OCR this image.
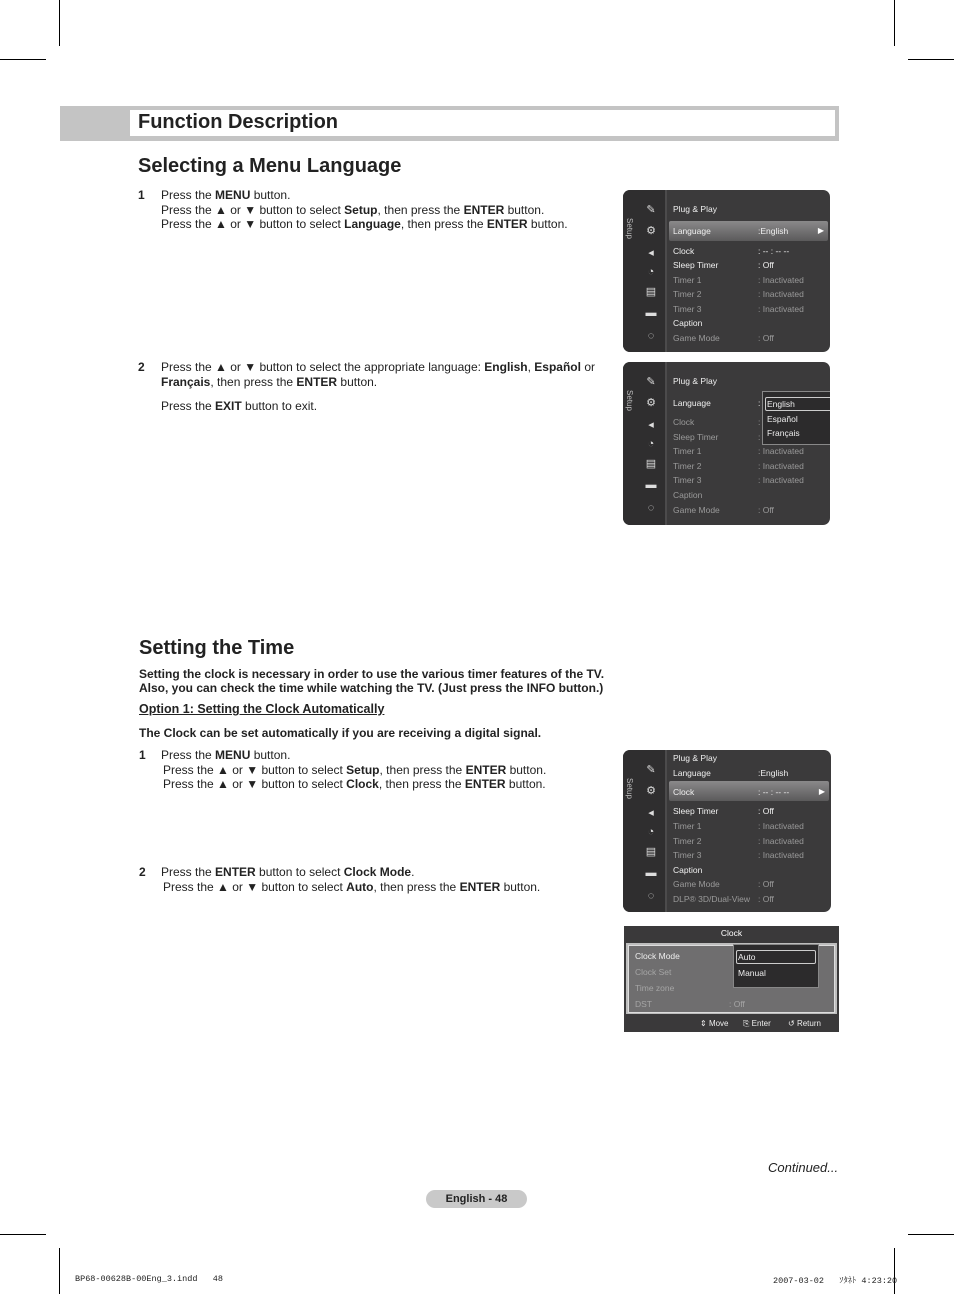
Function Description
Selecting a Menu Language
1 Press the MENU button.
Press the ▲ or ▼ button to select Setup, then press the ENTER button.
Press the ▲ or ▼ button to select Language, then press the ENTER button.
2 Press the ▲ or ▼ button to select the appropriate language: English, Español or
Français, then press the ENTER button.
Press the EXIT button to exit.
Setup
✎
⚙
◂
◔
▤
▬
◌
Plug & Play
Language	:English	▶
Clock	: -- : -- --
Sleep Timer	: Off
Timer 1	: Inactivated
Timer 2	: Inactivated
Timer 3	: Inactivated
Caption
Game Mode	: Off
Setup
✎
⚙
◂
◔
▤
▬
◌
Plug & Play
Language	:
Clock	:
Sleep Timer	:
Timer 1	: Inactivated
Timer 2	: Inactivated
Timer 3	: Inactivated
Caption
Game Mode	: Off
English
Español
Français
Setting the Time
Setting the clock is necessary in order to use the various timer features of the TV.
Also, you can check the time while watching the TV. (Just press the INFO button.)
Option 1: Setting the Clock Automatically
The Clock can be set automatically if you are receiving a digital signal.
1 Press the MENU button.
Press the ▲ or ▼ button to select Setup, then press the ENTER button.
Press the ▲ or ▼ button to select Clock, then press the ENTER button.
2 Press the ENTER button to select Clock Mode.
Press the ▲ or ▼ button to select Auto, then press the ENTER button.
Setup
✎
⚙
◂
◔
▤
▬
◌
Plug & Play
Language	:English
Clock	: -- : -- --	▶
Sleep Timer	: Off
Timer 1	: Inactivated
Timer 2	: Inactivated
Timer 3	: Inactivated
Caption
Game Mode	: Off
DLP® 3D/Dual-View : Off
Clock
Clock Mode
Clock Set
Time zone
DST	: Off
Auto
Manual
⇕ Move ⎘ Enter ↺ Return
Continued...
English - 48
BP68-00628B-00Eng_3.indd   48	2007-03-02   ｿﾀﾈﾄ 4:23:20
